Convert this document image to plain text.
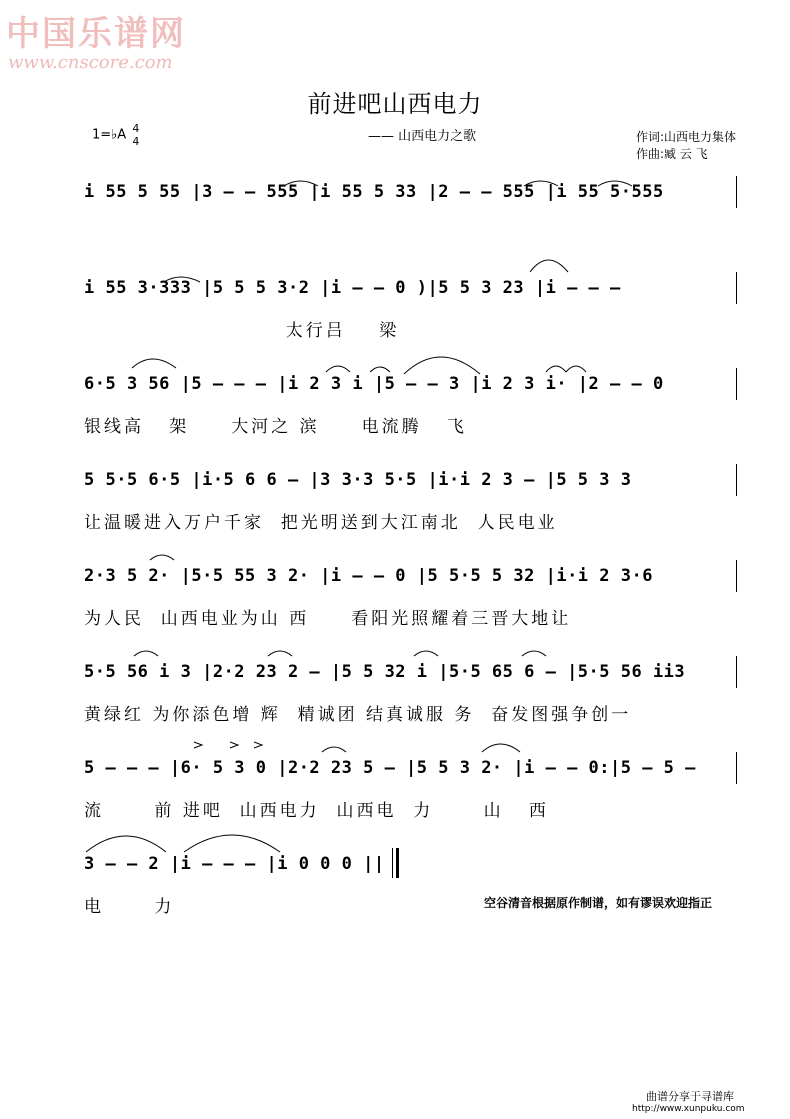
中国乐谱网
www.cnscore.com
前进吧山西电力
—— 山西电力之歌
1=♭A 4
4	作词:山西电力集体
作曲:臧 云 飞
i 55 5 55 |3 – – 555 |i 55 5 33 |2 – – 555 |i 55 5·555
i 55 3·333 |5 5 5 3·2 |i – – 0 )|5 5 3 23 |i – – –
太行吕    梁
6·5 3 56 |5 – – – |i 2 3 i |5 – – 3 |i 2 3 i· |2 – – 0
银线高   架     大河之 滨     电流腾   飞
5 5·5 6·5 |i·5 6 6 – |3 3·3 5·5 |i·i 2 3 – |5 5 3 3
让温暖进入万户千家  把光明送到大江南北  人民电业
2·3 5 2· |5·5 55 3 2· |i – – 0 |5 5·5 5 32 |i·i 2 3·6
为人民  山西电业为山 西     看阳光照耀着三晋大地让
5·5 56 i 3 |2·2 23 2 – |5 5 32 i |5·5 65 6 – |5·5 56 ii3
黄绿红 为你添色增 辉  精诚团 结真诚服 务  奋发图强争创一
5 – – – |6· 5 3 0 |2·2 23 5 – |5 5 3 2· |i – – 0:|5 – 5 –
流      前 进吧  山西电力  山西电  力      山   西
3 – – 2 |i – – – |i 0 0 0 ||
电      力	空谷清音根据原作制谱，如有谬误欢迎指正
曲谱分享于寻谱库
http://www.xunpuku.com
